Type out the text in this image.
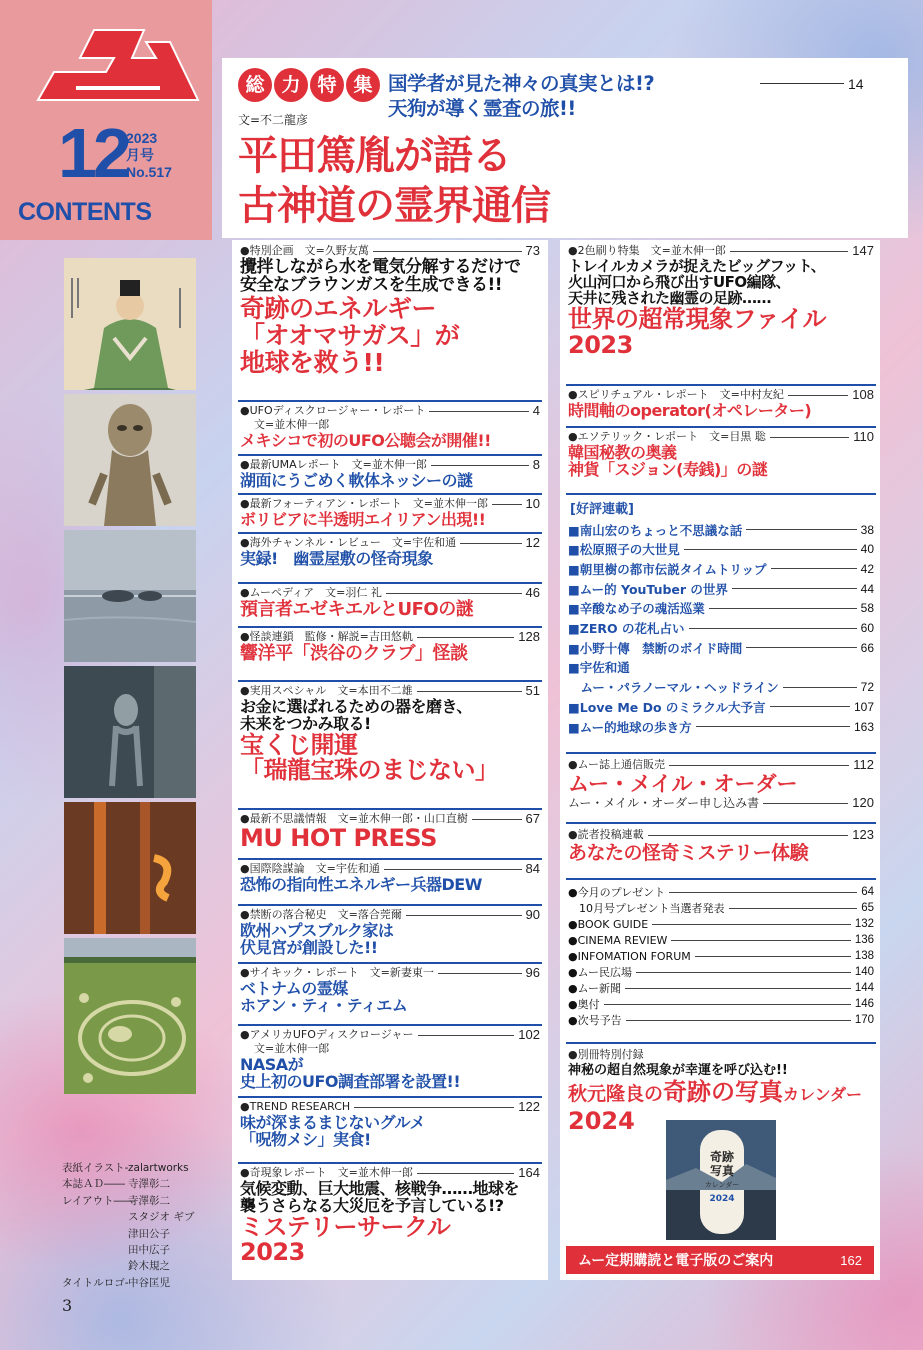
12
2023
月号
No.517
CONTENTS
総 力 特 集 国学者が見た神々の真実とは!?
天狗が導く霊査の旅!!
14
文=不二龍彦
平田篤胤が語る
古神道の霊界通信
表紙イラスト-zalartworks
本誌ＡＤ―― 寺澤彰二
レイアウト――寺澤彰二
スタジオ ギブ
津田公子
田中広子
鈴木規之
タイトルロゴ-中谷匡児
3
奇跡
写真
カレンダー
2024
ムー定期購読と電子版のご案内	162
●特別企画　文=久野友萬	73
攪拌しながら水を電気分解するだけで
安全なブラウンガスを生成できる!!
奇跡のエネルギー
「オオマサガス」が
地球を救う!!
●UFOディスクロージャー・レポート	4
文=並木伸一郎
メキシコで初のUFO公聴会が開催!!
●最新UMAレポート　文=並木伸一郎	8
湖面にうごめく軟体ネッシーの謎
●最新フォーティアン・レポート　文=並木伸一郎	10
ボリビアに半透明エイリアン出現!!
●海外チャンネル・レビュー　文=宇佐和通	12
実録!　幽霊屋敷の怪奇現象
●ムーペディア　文=羽仁 礼	46
預言者エゼキエルとUFOの謎
●怪談連鎖　監修・解説=吉田悠軌	128
響洋平「渋谷のクラブ」怪談
●実用スペシャル　文=本田不二雄	51
お金に選ばれるための器を磨き、
未来をつかみ取る!
宝くじ開運
「瑞龍宝珠のまじない」
●最新不思議情報　文=並木伸一郎・山口直樹	67
MU HOT PRESS
●国際陰謀論　文=宇佐和通	84
恐怖の指向性エネルギー兵器DEW
●禁断の落合秘史　文=落合莞爾	90
欧州ハプスブルク家は
伏見宮が創設した!!
●サイキック・レポート　文=新妻東一	96
ベトナムの霊媒
ホアン・ティ・ティエム
●アメリカUFOディスクロージャー	102
文=並木伸一郎
NASAが
史上初のUFO調査部署を設置!!
●TREND RESEARCH	122
味が深まるまじないグルメ
「呪物メシ」実食!
●奇現象レポート　文=並木伸一郎	164
気候変動、巨大地震、核戦争……地球を
襲うさらなる大災厄を予言している!?
ミステリーサークル
2023
●2色刷り特集　文=並木伸一郎	147
トレイルカメラが捉えたビッグフット、
火山河口から飛び出すUFO編隊、
天井に残された幽霊の足跡……
世界の超常現象ファイル
2023
●スピリチュアル・レポート　文=中村友紀	108
時間軸のoperator(オペレーター)
●エソテリック・レポート　文=目黒 聡	110
韓国秘教の奥義
神貨「スジョン(寿銭)」の謎
[好評連載]
■南山宏のちょっと不思議な話	38
■松原照子の大世見	40
■朝里樹の都市伝説タイムトリップ	42
■ムー的 YouTuber の世界	44
■辛酸なめ子の魂活巡業	58
■ZERO の花札占い	60
■小野十傳　禁断のボイド時間	66
■宇佐和通
　ムー・パラノーマル・ヘッドライン	72
■Love Me Do のミラクル大予言	107
■ムー的地球の歩き方	163
●ムー誌上通信販売	112
ムー・メイル・オーダー
ムー・メイル・オーダー申し込み書	120
●読者投稿連載	123
あなたの怪奇ミステリー体験
●今月のプレゼント	64
　10月号プレゼント当選者発表	65
●BOOK GUIDE	132
●CINEMA REVIEW	136
●INFOMATION FORUM	138
●ムー民広場	140
●ムー新聞	144
●奥付	146
●次号予告	170
●別冊特別付録
神秘の超自然現象が幸運を呼び込む!!
秋元隆良の奇跡の写真カレンダー
2024
